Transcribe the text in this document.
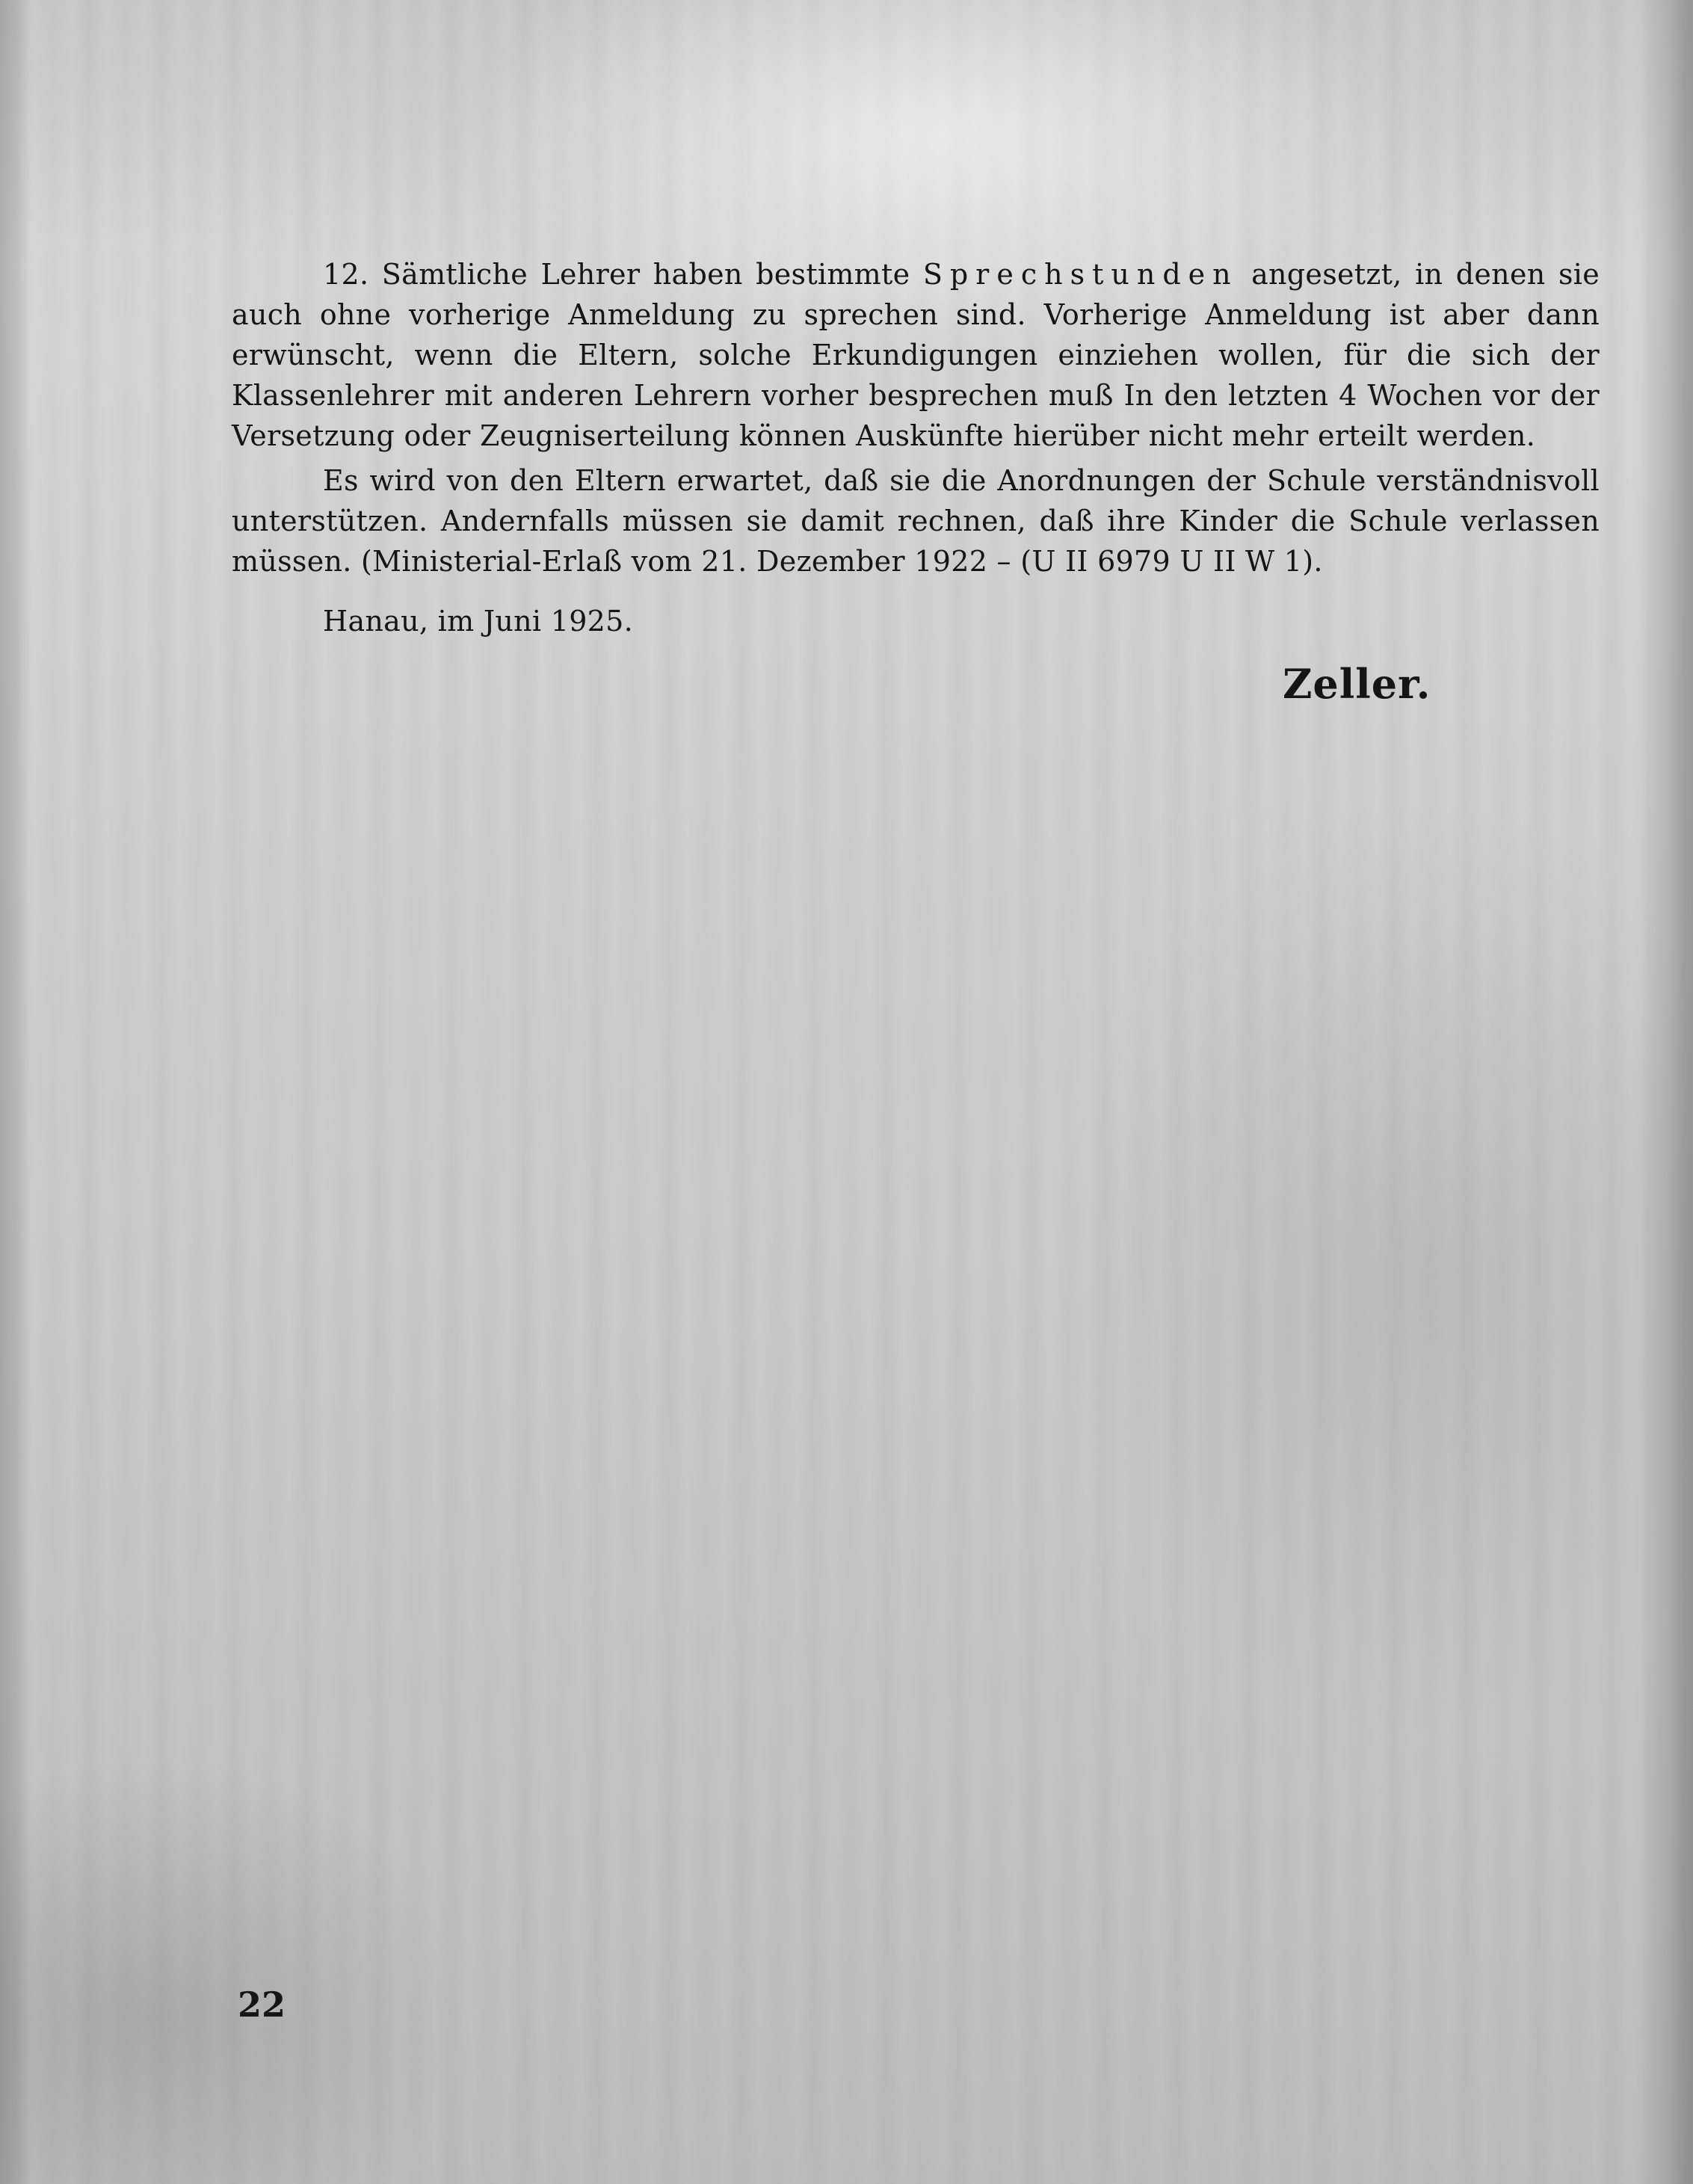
12. Sämtliche Lehrer haben bestimmte Sprechstunden angesetzt, in denen sie auch ohne vorherige Anmeldung zu sprechen sind. Vorherige Anmeldung ist aber dann erwünscht, wenn die Eltern, solche Erkundigungen einziehen wollen, für die sich der Klassenlehrer mit anderen Lehrern vorher besprechen muß In den letzten 4 Wochen vor der Versetzung oder Zeugniserteilung können Auskünfte hierüber nicht mehr erteilt werden.

Es wird von den Eltern erwartet, daß sie die Anordnungen der Schule verständnisvoll unterstützen. Andernfalls müssen sie damit rechnen, daß ihre Kinder die Schule verlassen müssen. (Ministerial-Erlaß vom 21. Dezember 1922 – (U II 6979 U II W 1).

Hanau, im Juni 1925.
Zeller.
22
